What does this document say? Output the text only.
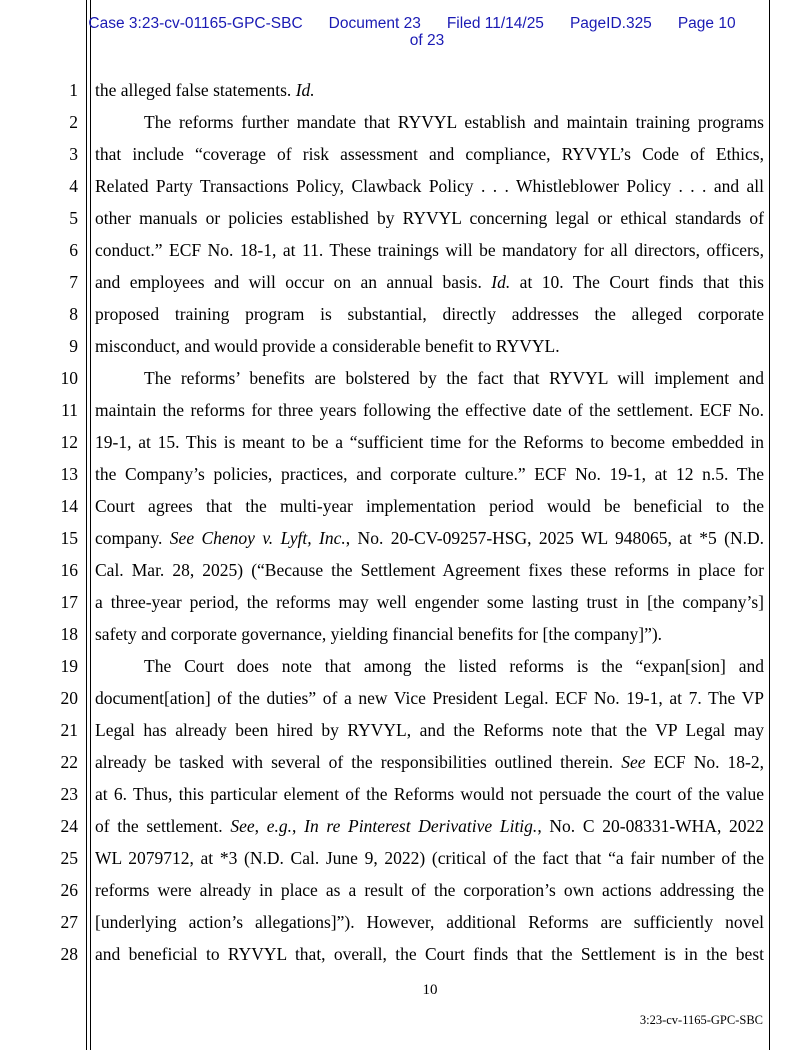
Case 3:23-cv-01165-GPC-SBC Document 23 Filed 11/14/25 PageID.325 Page 10
of 23
1
2
3
4
5
6
7
8
9
10
11
12
13
14
15
16
17
18
19
20
21
22
23
24
25
26
27
28
the alleged false statements. Id.
The reforms further mandate that RYVYL establish and maintain training programs
that include “coverage of risk assessment and compliance, RYVYL’s Code of Ethics,
Related Party Transactions Policy, Clawback Policy . . . Whistleblower Policy . . . and all
other manuals or policies established by RYVYL concerning legal or ethical standards of
conduct.” ECF No. 18-1, at 11. These trainings will be mandatory for all directors, officers,
and employees and will occur on an annual basis. Id. at 10. The Court finds that this
proposed training program is substantial, directly addresses the alleged corporate
misconduct, and would provide a considerable benefit to RYVYL.
The reforms’ benefits are bolstered by the fact that RYVYL will implement and
maintain the reforms for three years following the effective date of the settlement. ECF No.
19-1, at 15. This is meant to be a “sufficient time for the Reforms to become embedded in
the Company’s policies, practices, and corporate culture.” ECF No. 19-1, at 12 n.5. The
Court agrees that the multi-year implementation period would be beneficial to the
company. See Chenoy v. Lyft, Inc., No. 20-CV-09257-HSG, 2025 WL 948065, at *5 (N.D.
Cal. Mar. 28, 2025) (“Because the Settlement Agreement fixes these reforms in place for
a three-year period, the reforms may well engender some lasting trust in [the company’s]
safety and corporate governance, yielding financial benefits for [the company]”).
The Court does note that among the listed reforms is the “expan[sion] and
document[ation] of the duties” of a new Vice President Legal. ECF No. 19-1, at 7. The VP
Legal has already been hired by RYVYL, and the Reforms note that the VP Legal may
already be tasked with several of the responsibilities outlined therein. See ECF No. 18-2,
at 6. Thus, this particular element of the Reforms would not persuade the court of the value
of the settlement. See, e.g., In re Pinterest Derivative Litig., No. C 20-08331-WHA, 2022
WL 2079712, at *3 (N.D. Cal. June 9, 2022) (critical of the fact that “a fair number of the
reforms were already in place as a result of the corporation’s own actions addressing the
[underlying action’s allegations]”). However, additional Reforms are sufficiently novel
and beneficial to RYVYL that, overall, the Court finds that the Settlement is in the best
10
3:23-cv-1165-GPC-SBC
